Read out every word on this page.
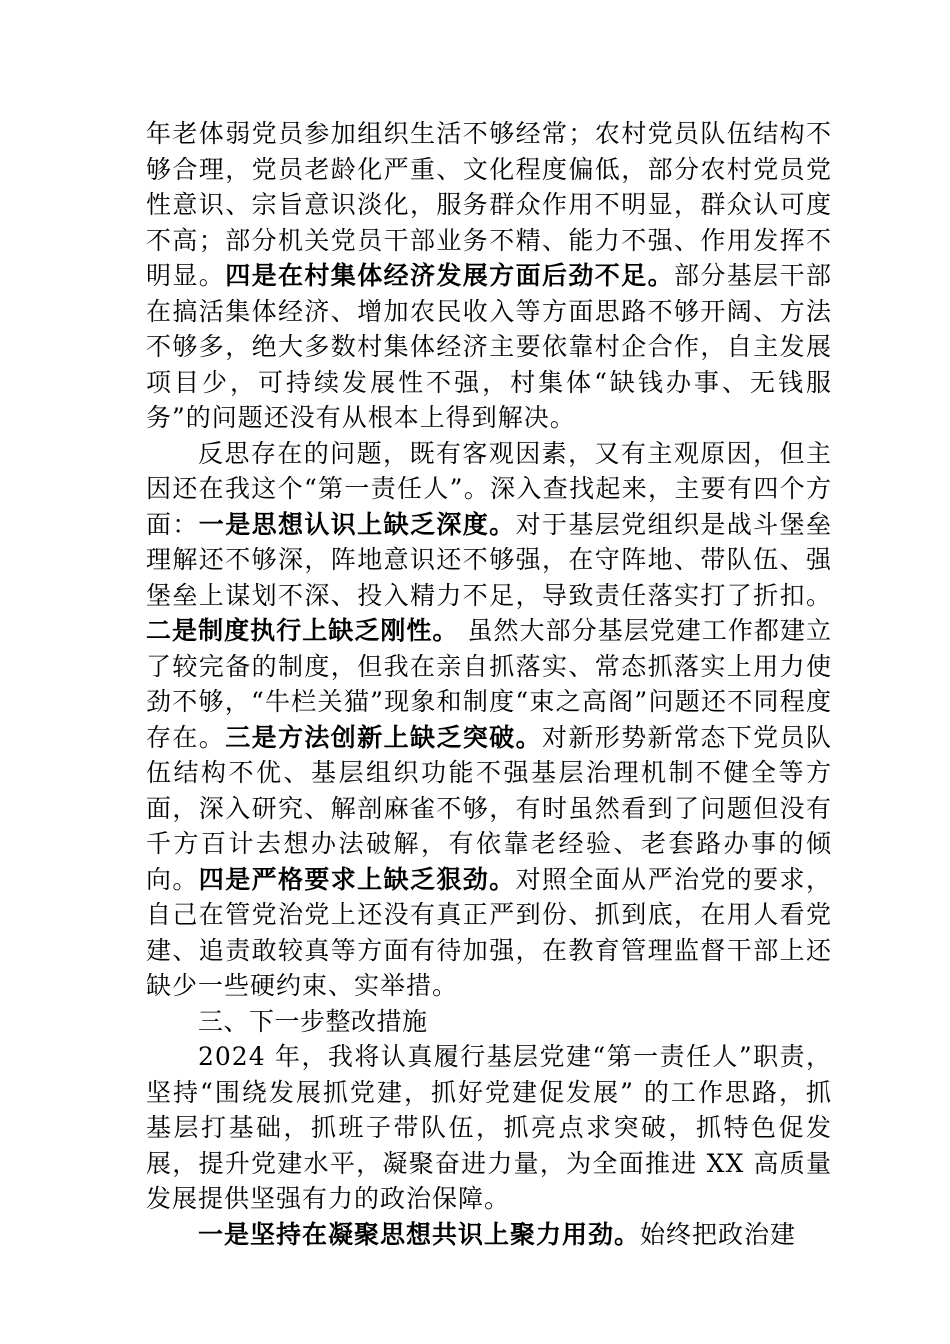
年老体弱党员参加组织生活不够经常；农村党员队伍结构不够合理，党员老龄化严重、文化程度偏低，部分农村党员党性意识、宗旨意识淡化，服务群众作用不明显，群众认可度不高；部分机关党员干部业务不精、能力不强、作用发挥不明显。四是在村集体经济发展方面后劲不足。部分基层干部在搞活集体经济、增加农民收入等方面思路不够开阔、方法不够多，绝大多数村集体经济主要依靠村企合作，自主发展项目少，可持续发展性不强，村集体“缺钱办事、无钱服务”的问题还没有从根本上得到解决。

反思存在的问题，既有客观因素，又有主观原因，但主因还在我这个“第一责任人”。深入查找起来，主要有四个方面：一是思想认识上缺乏深度。对于基层党组织是战斗堡垒理解还不够深，阵地意识还不够强，在守阵地、带队伍、强堡垒上谋划不深、投入精力不足，导致责任落实打了折扣。二是制度执行上缺乏刚性。 虽然大部分基层党建工作都建立了较完备的制度，但我在亲自抓落实、常态抓落实上用力使劲不够，“牛栏关猫”现象和制度“束之高阁”问题还不同程度存在。三是方法创新上缺乏突破。对新形势新常态下党员队伍结构不优、基层组织功能不强基层治理机制不健全等方面，深入研究、解剖麻雀不够，有时虽然看到了问题但没有千方百计去想办法破解，有依靠老经验、老套路办事的倾向。四是严格要求上缺乏狠劲。对照全面从严治党的要求，自己在管党治党上还没有真正严到份、抓到底，在用人看党建、追责敢较真等方面有待加强，在教育管理监督干部上还缺少一些硬约束、实举措。

三、下一步整改措施

2024 年，我将认真履行基层党建“第一责任人”职责，坚持“围绕发展抓党建，抓好党建促发展” 的工作思路，抓基层打基础，抓班子带队伍，抓亮点求突破，抓特色促发展，提升党建水平，凝聚奋进力量，为全面推进 XX 高质量发展提供坚强有力的政治保障。

一是坚持在凝聚思想共识上聚力用劲。始终把政治建
